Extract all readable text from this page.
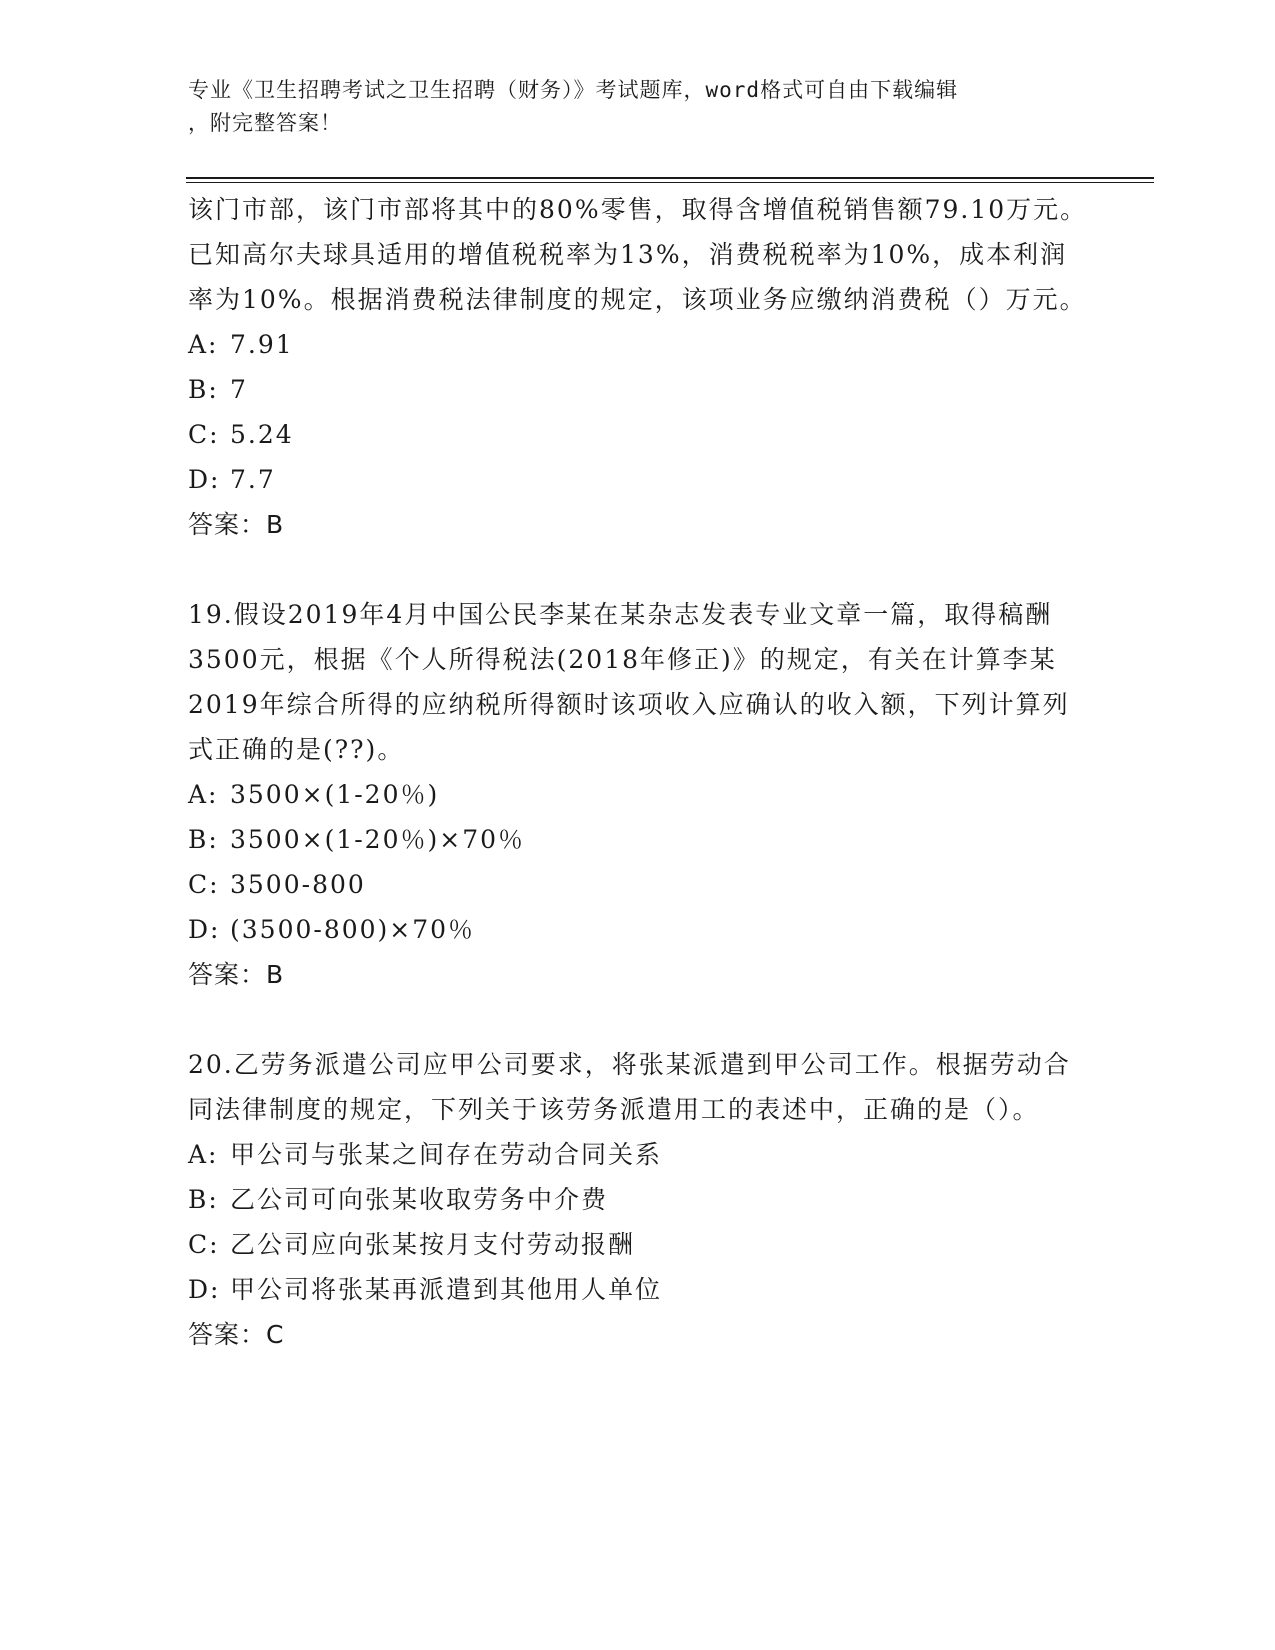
专业《卫生招聘考试之卫生招聘（财务）》考试题库，word格式可自由下载编辑
，附完整答案！

该门市部，该门市部将其中的80%零售，取得含增值税销售额79.10万元。已知高尔夫球具适用的增值税税率为13%，消费税税率为10%，成本利润率为10%。根据消费税法律制度的规定，该项业务应缴纳消费税（）万元。

A: 7.91
B: 7
C: 5.24
D: 7.7
答案：B

19.假设2019年4月中国公民李某在某杂志发表专业文章一篇，取得稿酬3500元，根据《个人所得税法(2018年修正)》的规定，有关在计算李某2019年综合所得的应纳税所得额时该项收入应确认的收入额，下列计算列式正确的是(??)。

A: 3500×(1-20％)
B: 3500×(1-20％)×70％
C: 3500-800
D: (3500-800)×70％
答案：B

20.乙劳务派遣公司应甲公司要求，将张某派遣到甲公司工作。根据劳动合同法律制度的规定，下列关于该劳务派遣用工的表述中，正确的是（）。

A: 甲公司与张某之间存在劳动合同关系
B: 乙公司可向张某收取劳务中介费
C: 乙公司应向张某按月支付劳动报酬
D: 甲公司将张某再派遣到其他用人单位
答案：C
